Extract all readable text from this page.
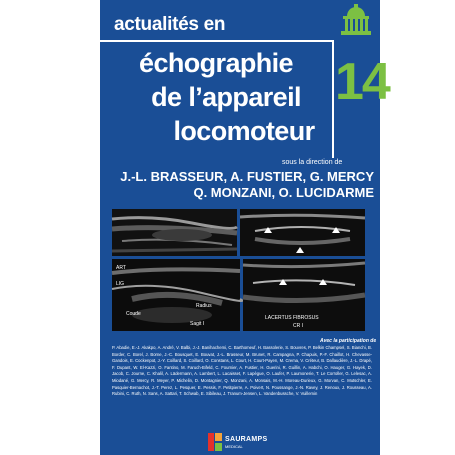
actualités en
échographie
de l’appareil
locomoteur
14
sous la direction de
J.-L. BRASSEUR, A. FUSTIER, G. MERCY
Q. MONZANI, O. LUCIDARME
ART
LIG
Coude
Radius
Sagit I
LACERTUS FIBROSUS
CR I
Avec la participation de
P. Abadie, E.-J. Akakpo, A. André, V. Balbi, J.-J. Banihachemi, C. Barthomeuf, H. Bassolerie, S. Bouvres, P. Belkin Champsel, S. Bianchi, B. Border, C. Borel, J. Borne, J.-C. Bousquet, E. Bouvat, J.-L. Brasseur, M. Brunet, R. Campagna, P. Chapuis, P.-F. Chaillot, H. Chevasse-Gandois, E. Cockenpot, J.-Y. Coillard, S. Coillard, O. Constans, L. Court, H. Court-Payen, M. Crema, V. Créteur, B. Dallaudière, J.-L. Drapé, F. Dupant, W. El-Kazzi, O. Fantino, M. Faruch-Bifeld, C. Fournier, A. Fustier, H. Guerini, R. Guillin, A. Habchi, O. Hauger, G. Hayek, D. Jacob, C. Journe, C. Khalil, A. Lädermann, A. Lambert, L. Lacaisset, F. Lapègue, O. Laufer, P. Laumonerie, T. Le Corroller, G. Lelesac, A. Miodané, G. Mercy, R. Meyer, P. Michelin, D. Montagnier, Q. Monzani, A. Monsais, M.-H. Moreau-Durieux, G. Morvan, C. Mutschler, E. Pasquier-Bernachot, J.-T. Perez, L. Pesquer, E. Pessis, F. Petitpierre, A. Poivert, N. Poussange, J.-N. Ravey, J. Renoux, J. Rousseau, A. Rubini, C. Ruth, N. Sans, A. Sattari, T. Schwab, E. Sibileau, J. Tranum-Jensen, L. Vandenbussche, V. Vuillemin
SAURAMPS
MEDICAL
